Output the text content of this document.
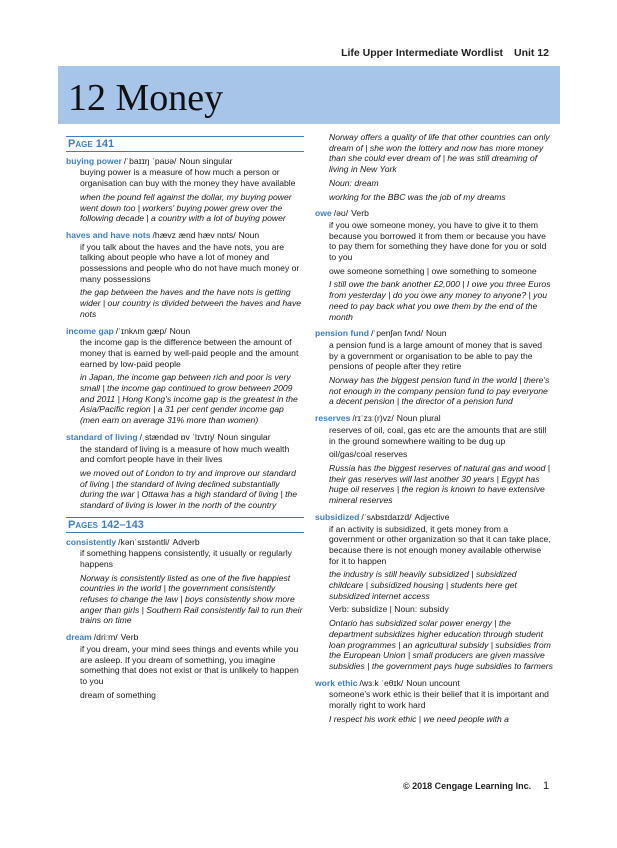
Life Upper Intermediate Wordlist Unit 12
12 Money
Page 141
buying power /ˈbaɪɪŋ ˈpaʊə/ Noun singular
buying power is a measure of how much a person or organisation can buy with the money they have available
when the pound fell against the dollar, my buying power went down too | workers' buying power grew over the following decade | a country with a lot of buying power
haves and have nots /hævz ænd hæv nɒts/ Noun
if you talk about the haves and the have nots, you are talking about people who have a lot of money and possessions and people who do not have much money or many possessions
the gap between the haves and the have nots is getting wider | our country is divided between the haves and have nots
income gap /ˈɪnkʌm gæp/ Noun
the income gap is the difference between the amount of money that is earned by well-paid people and the amount earned by low-paid people
in Japan, the income gap between rich and poor is very small | the income gap continued to grow between 2009 and 2011 | Hong Kong's income gap is the greatest in the Asia/Pacific region | a 31 per cent gender income gap (men earn on average 31% more than women)
standard of living /ˌstændəd ɒv ˈlɪvɪŋ/ Noun singular
the standard of living is a measure of how much wealth and comfort people have in their lives
we moved out of London to try and improve our standard of living | the standard of living declined substantially during the war | Ottawa has a high standard of living | the standard of living is lower in the north of the country
Pages 142–143
consistently /kənˈsɪstəntli/ Adverb
if something happens consistently, it usually or regularly happens
Norway is consistently listed as one of the five happiest countries in the world | the government consistently refuses to change the law | boys consistently show more anger than girls | Southern Rail consistently fail to run their trains on time
dream /driːm/ Verb
if you dream, your mind sees things and events while you are asleep. If you dream of something, you imagine something that does not exist or that is unlikely to happen to you
dream of something
Norway offers a quality of life that other countries can only dream of | she won the lottery and now has more money than she could ever dream of | he was still dreaming of living in New York
Noun: dream
working for the BBC was the job of my dreams
owe /əʊ/ Verb
if you owe someone money, you have to give it to them because you borrowed it from them or because you have to pay them for something they have done for you or sold to you
owe someone something | owe something to someone
I still owe the bank another £2,000 | I owe you three Euros from yesterday | do you owe any money to anyone? | you need to pay back what you owe them by the end of the month
pension fund /ˈpenʃən fʌnd/ Noun
a pension fund is a large amount of money that is saved by a government or organisation to be able to pay the pensions of people after they retire
Norway has the biggest pension fund in the world | there's not enough in the company pension fund to pay everyone a decent pension | the director of a pension fund
reserves /rɪˈzɜː(r)vz/ Noun plural
reserves of oil, coal, gas etc are the amounts that are still in the ground somewhere waiting to be dug up
oil/gas/coal reserves
Russia has the biggest reserves of natural gas and wood | their gas reserves will last another 30 years | Egypt has huge oil reserves | the region is known to have extensive mineral reserves
subsidized /ˈsʌbsɪdaɪzd/ Adjective
if an activity is subsidized, it gets money from a government or other organization so that it can take place, because there is not enough money available otherwise for it to happen
the industry is still heavily subsidized | subsidized childcare | subsidized housing | students here get subsidized internet access
Verb: subsidize | Noun: subsidy
Ontario has subsidized solar power energy | the department subsidizes higher education through student loan programmes | an agricultural subsidy | subsidies from the European Union | small producers are given massive subsidies | the government pays huge subsidies to farmers
work ethic /wɜːk ˈeθɪk/ Noun uncount
someone's work ethic is their belief that it is important and morally right to work hard
I respect his work ethic | we need people with a
© 2018 Cengage Learning Inc. 1
